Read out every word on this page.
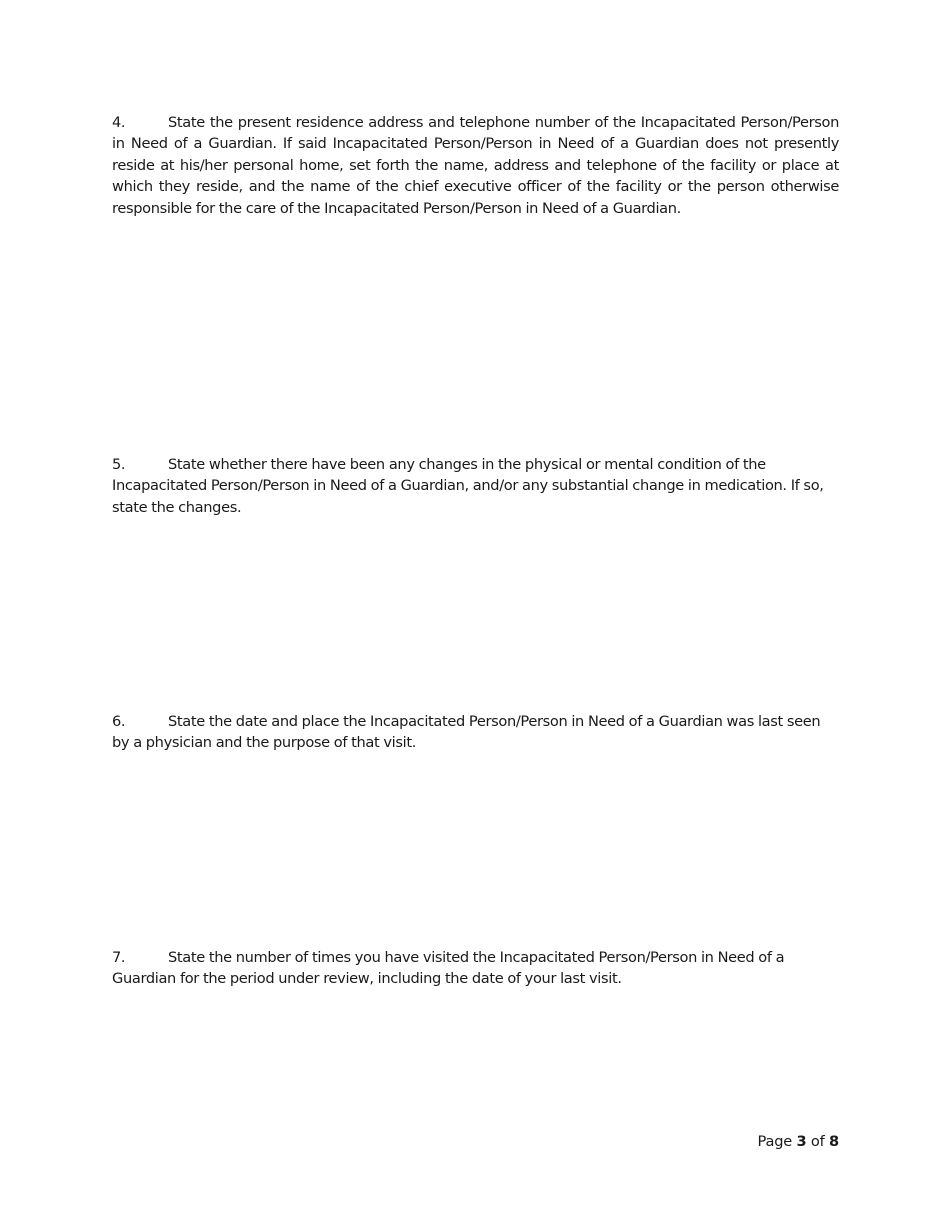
4.	State the present residence address and telephone number of the Incapacitated Person/Person in Need of a Guardian. If said Incapacitated Person/Person in Need of a Guardian does not presently reside at his/her personal home, set forth the name, address and telephone of the facility or place at which they reside, and the name of the chief executive officer of the facility or the person otherwise responsible for the care of the Incapacitated Person/Person in Need of a Guardian.
5.	State whether there have been any changes in the physical or mental condition of the Incapacitated Person/Person in Need of a Guardian, and/or any substantial change in medication. If so, state the changes.
6.	State the date and place the Incapacitated Person/Person in Need of a Guardian was last seen by a physician and the purpose of that visit.
7.	State the number of times you have visited the Incapacitated Person/Person in Need of a Guardian for the period under review, including the date of your last visit.
Page 3 of 8
